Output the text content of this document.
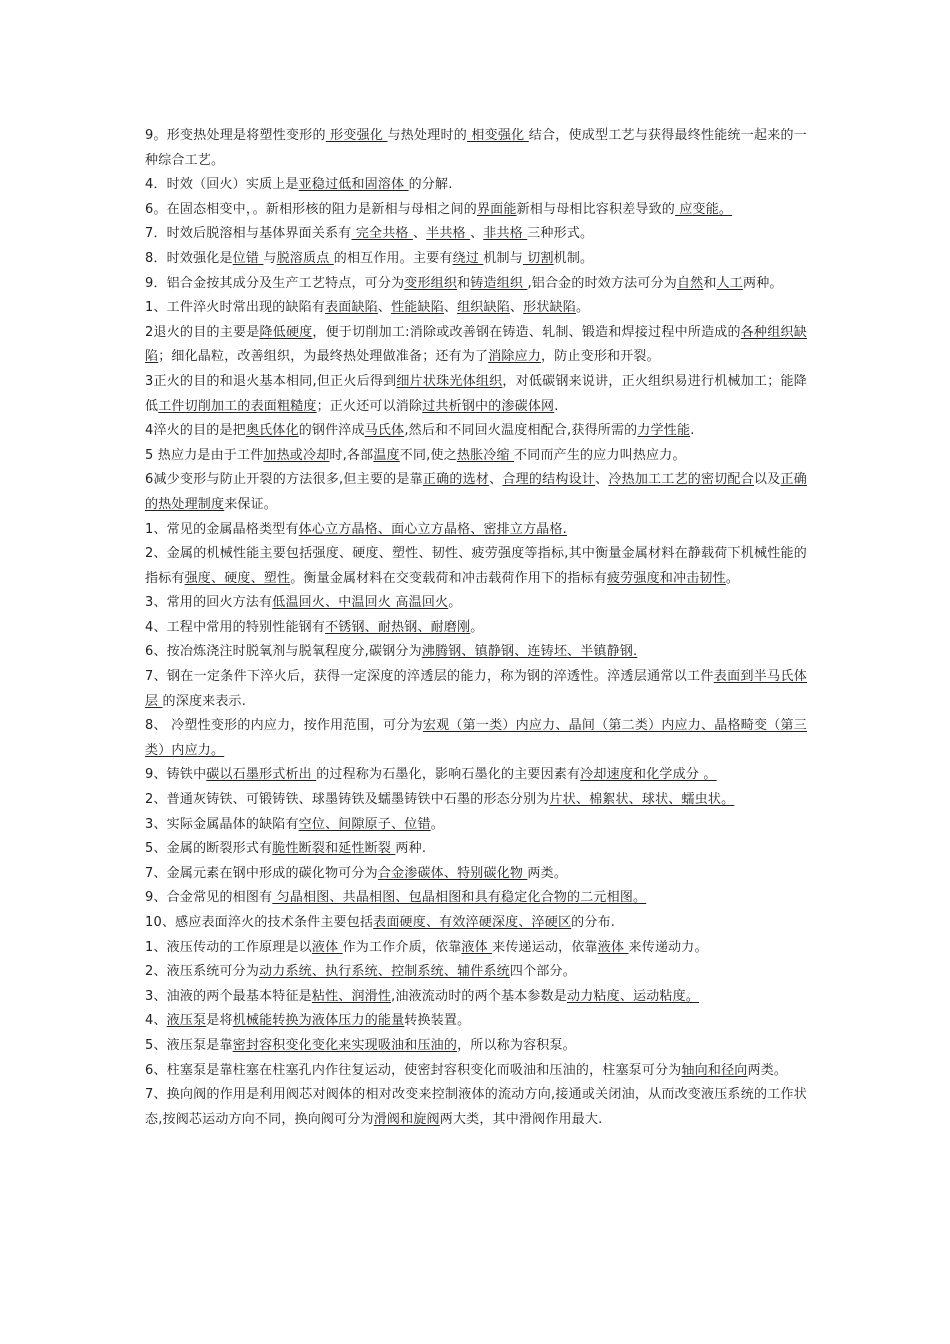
9。形变热处理是将塑性变形的 形变强化 与热处理时的 相变强化 结合，使成型工艺与获得最终性能统一起来的一种综合工艺。

4．时效（回火）实质上是亚稳过低和固溶体 的分解.

6。在固态相变中，。新相形核的阻力是新相与母相之间的界面能新相与母相比容积差导致的 应变能。

7．时效后脱溶相与基体界面关系有 完全共格 、半共格 、非共格 三种形式。

8．时效强化是位错 与脱溶质点 的相互作用。主要有绕过 机制与 切割机制。

9．铝合金按其成分及生产工艺特点，可分为变形组织和铸造组织 ,铝合金的时效方法可分为自然和人工两种。

1、工件淬火时常出现的缺陷有表面缺陷、性能缺陷、组织缺陷、形状缺陷。

2退火的目的主要是降低硬度，便于切削加工:消除或改善钢在铸造、轧制、锻造和焊接过程中所造成的各种组织缺陷；细化晶粒，改善组织，为最终热处理做准备；还有为了消除应力，防止变形和开裂。

3正火的目的和退火基本相同,但正火后得到细片状珠光体组织，对低碳钢来说讲，正火组织易进行机械加工；能降低工件切削加工的表面粗糙度；正火还可以消除过共析钢中的渗碳体网.

4淬火的目的是把奥氏体化的钢件淬成马氏体,然后和不同回火温度相配合,获得所需的力学性能.

5 热应力是由于工件加热或冷却时,各部温度不同,使之热胀冷缩 不同而产生的应力叫热应力。

6减少变形与防止开裂的方法很多,但主要的是靠正确的选材、合理的结构设计、冷热加工工艺的密切配合以及正确的热处理制度来保证。

1、常见的金属晶格类型有体心立方晶格、面心立方晶格、密排立方晶格.

2、金属的机械性能主要包括强度、硬度、塑性、韧性、疲劳强度等指标,其中衡量金属材料在静载荷下机械性能的指标有强度、硬度、塑性。衡量金属材料在交变载荷和冲击载荷作用下的指标有疲劳强度和冲击韧性。

3、常用的回火方法有低温回火、中温回火 高温回火。

4、工程中常用的特别性能钢有不锈钢、耐热钢、耐磨刚。

6、按冶炼浇注时脱氧剂与脱氧程度分,碳钢分为沸腾钢、镇静钢、连铸坯、半镇静钢.

7、钢在一定条件下淬火后，获得一定深度的淬透层的能力，称为钢的淬透性。淬透层通常以工件表面到半马氏体层 的深度来表示.

8、 冷塑性变形的内应力，按作用范围，可分为宏观（第一类）内应力、晶间（第二类）内应力、晶格畸变（第三类）内应力。

9、铸铁中碳以石墨形式析出 的过程称为石墨化，影响石墨化的主要因素有冷却速度和化学成分 。

2、普通灰铸铁、可锻铸铁、球墨铸铁及蠕墨铸铁中石墨的形态分别为片状、棉絮状、球状、蠕虫状。

3、实际金属晶体的缺陷有空位、间隙原子、位错。

5、金属的断裂形式有脆性断裂和延性断裂 两种.

7、金属元素在钢中形成的碳化物可分为合金渗碳体、特别碳化物 两类。

9、合金常见的相图有 匀晶相图、共晶相图、包晶相图和具有稳定化合物的二元相图。

10、感应表面淬火的技术条件主要包括表面硬度、有效淬硬深度、淬硬区的分布.

1、液压传动的工作原理是以液体 作为工作介质，依靠液体 来传递运动，依靠液体 来传递动力。

2、液压系统可分为动力系统、执行系统、控制系统、辅件系统四个部分。

3、油液的两个最基本特征是粘性、润滑性,油液流动时的两个基本参数是动力粘度、运动粘度。

4、液压泵是将机械能转换为液体压力的能量转换装置。

5、液压泵是靠密封容积变化变化来实现吸油和压油的，所以称为容积泵。

6、柱塞泵是靠柱塞在柱塞孔内作往复运动，使密封容积变化而吸油和压油的，柱塞泵可分为轴向和径向两类。

7、换向阀的作用是利用阀芯对阀体的相对改变来控制液体的流动方向,接通或关闭油，从而改变液压系统的工作状态,按阀芯运动方向不同，换向阀可分为滑阀和旋阀两大类，其中滑阀作用最大.
